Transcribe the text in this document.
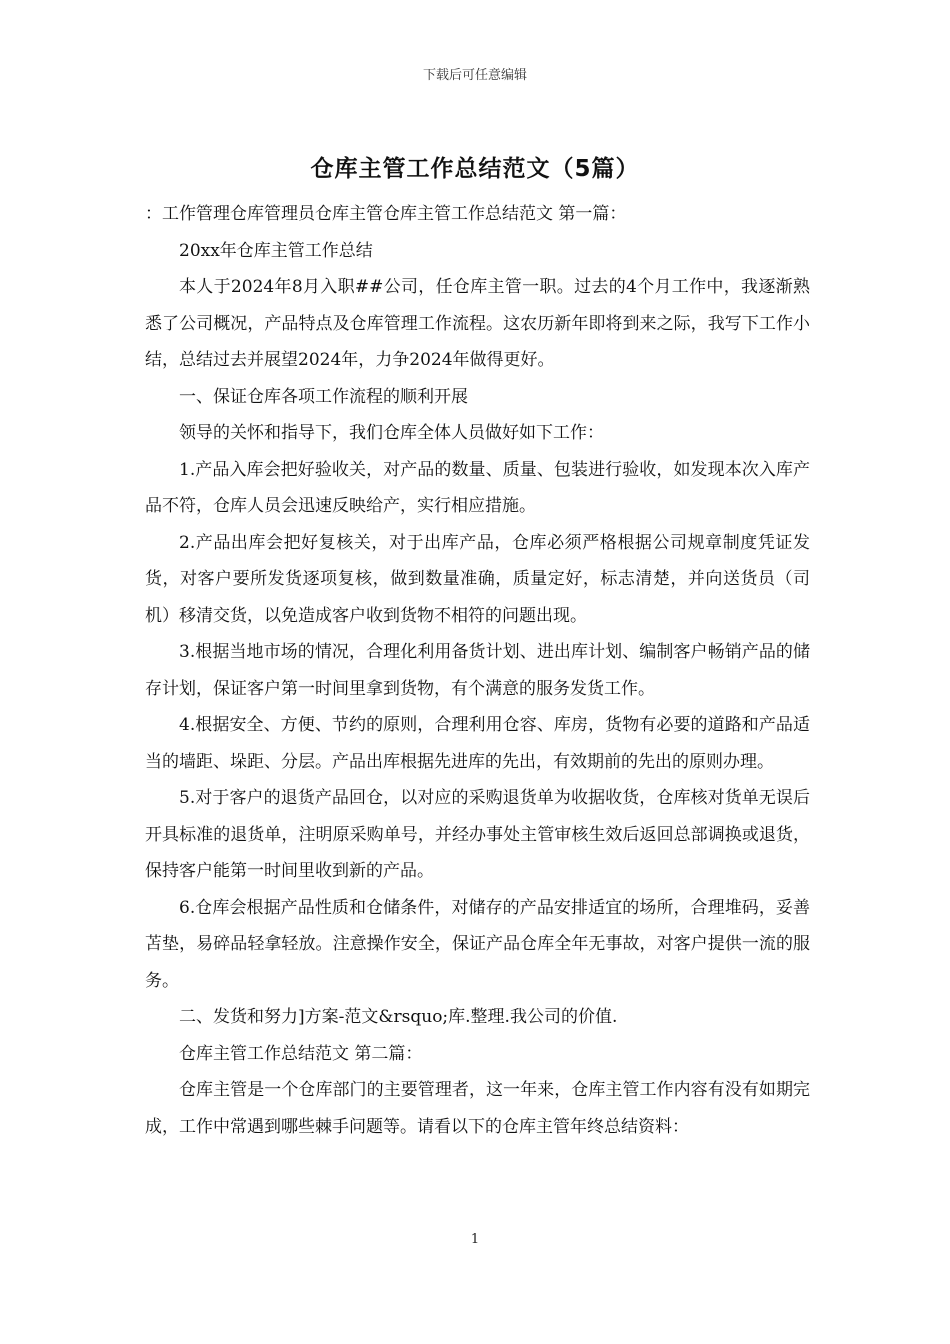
下载后可任意编辑
仓库主管工作总结范文（5篇）

：工作管理仓库管理员仓库主管仓库主管工作总结范文 第一篇：

20xx年仓库主管工作总结

本人于2024年8月入职##公司，任仓库主管一职。过去的4个月工作中，我逐渐熟悉了公司概况，产品特点及仓库管理工作流程。这农历新年即将到来之际，我写下工作小结，总结过去并展望2024年，力争2024年做得更好。

一、保证仓库各项工作流程的顺利开展

领导的关怀和指导下，我们仓库全体人员做好如下工作：

1.产品入库会把好验收关，对产品的数量、质量、包装进行验收，如发现本次入库产品不符，仓库人员会迅速反映给产，实行相应措施。

2.产品出库会把好复核关，对于出库产品，仓库必须严格根据公司规章制度凭证发货，对客户要所发货逐项复核，做到数量准确，质量定好，标志清楚，并向送货员（司机）移清交货，以免造成客户收到货物不相符的问题出现。

3.根据当地市场的情况，合理化利用备货计划、进出库计划、编制客户畅销产品的储存计划，保证客户第一时间里拿到货物，有个满意的服务发货工作。

4.根据安全、方便、节约的原则，合理利用仓容、库房，货物有必要的道路和产品适当的墙距、垛距、分层。产品出库根据先进库的先出，有效期前的先出的原则办理。

5.对于客户的退货产品回仓，以对应的采购退货单为收据收货，仓库核对货单无误后开具标准的退货单，注明原采购单号，并经办事处主管审核生效后返回总部调换或退货，保持客户能第一时间里收到新的产品。

6.仓库会根据产品性质和仓储条件，对储存的产品安排适宜的场所，合理堆码，妥善苫垫，易碎品轻拿轻放。注意操作安全，保证产品仓库全年无事故，对客户提供一流的服务。

二、发货和努力]方案-范文&rsquo;库.整理.我公司的价值.

仓库主管工作总结范文 第二篇：

仓库主管是一个仓库部门的主要管理者，这一年来，仓库主管工作内容有没有如期完成，工作中常遇到哪些棘手问题等。请看以下的仓库主管年终总结资料：

1
